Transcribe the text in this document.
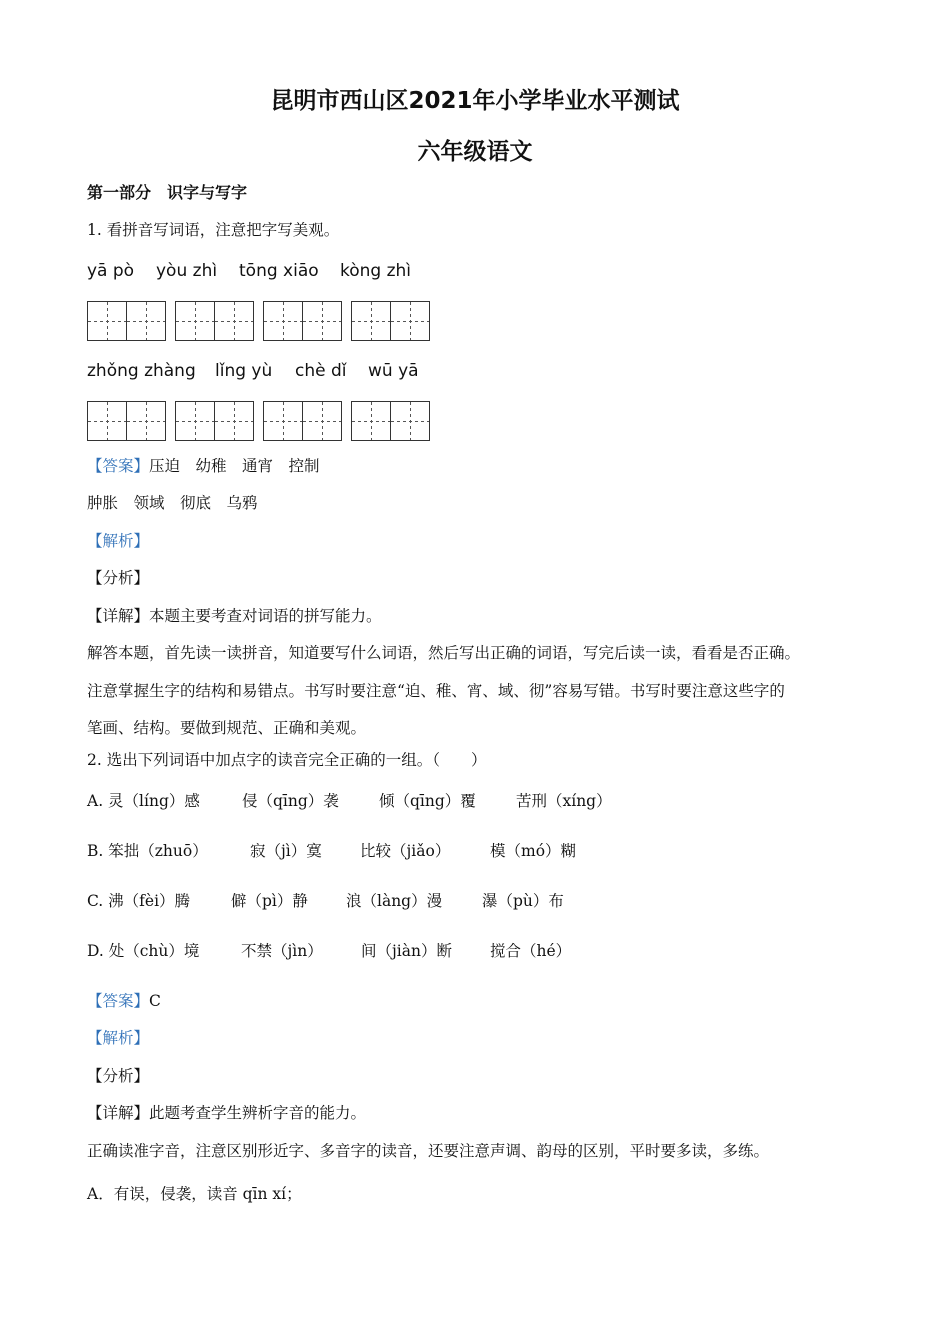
昆明市西山区2021年小学毕业水平测试
六年级语文
第一部分　识字与写字
1. 看拼音写词语，注意把字写美观。
yā pò yòu zhì tōng xiāo kòng zhì
zhǒng zhàng lǐng yù chè dǐ wū yā
【答案】压迫　幼稚　通宵　控制
肿胀　领域　彻底　乌鸦
【解析】
【分析】
【详解】本题主要考查对词语的拼写能力。
解答本题，首先读一读拼音，知道要写什么词语，然后写出正确的词语，写完后读一读，看看是否正确。
注意掌握生字的结构和易错点。书写时要注意“迫、稚、宵、域、彻”容易写错。书写时要注意这些字的
笔画、结构。要做到规范、正确和美观。
2. 选出下列词语中加点字的读音完全正确的一组。（　　）
A. 灵（líng）感	侵（qīng）袭	倾（qīng）覆	苦刑（xíng）
B. 笨拙（zhuō）	寂（jì）寞 比较（jiǎo）	模（mó）糊
C. 沸（fèi）腾	僻（pì）静 浪（làng）漫	瀑（pù）布
D. 处（chù）境	不禁（jìn） 间（jiàn）断 搅合（hé）
【答案】C
【解析】
【分析】
【详解】此题考查学生辨析字音的能力。
正确读准字音，注意区别形近字、多音字的读音，还要注意声调、韵母的区别，平时要多读，多练。
A．有误，侵袭，读音 qīn xí；
